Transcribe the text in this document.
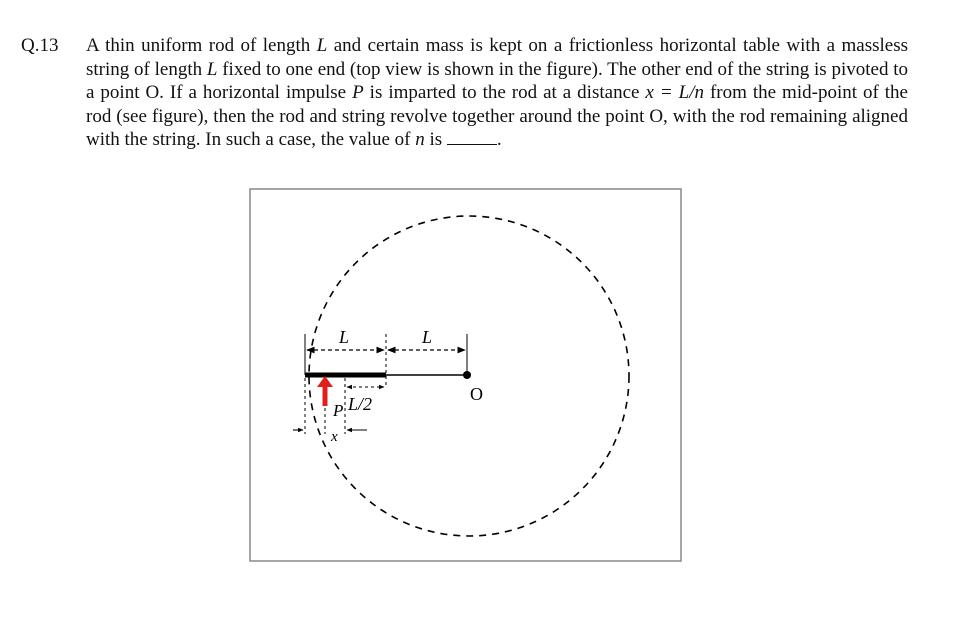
Q.13 A thin uniform rod of length L and certain mass is kept on a frictionless horizontal table with a massless string of length L fixed to one end (top view is shown in the figure). The other end of the string is pivoted to a point O. If a horizontal impulse P is imparted to the rod at a distance x = L/n from the mid-point of the rod (see figure), then the rod and string revolve together around the point O, with the rod remaining aligned with the string. In such a case, the value of n is	.
O
L	L
L/2
P
x
